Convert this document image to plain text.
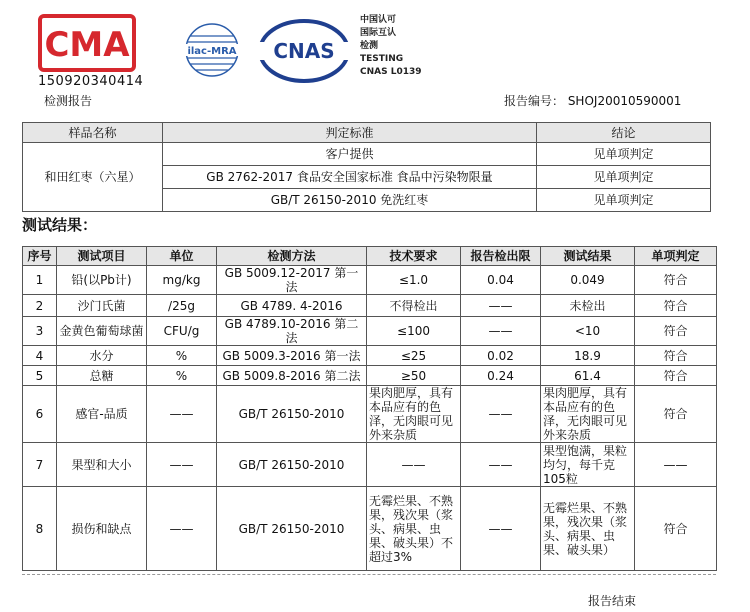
CMA
150920340414
检测报告
ilac-MRA CNAS
中国认可
国际互认
检测
TESTING
CNAS L0139
报告编号： SHOJ20010590001
样品名称	判定标准	结论
和田红枣（六星）	客户提供	见单项判定
	GB 2762-2017 食品安全国家标准 食品中污染物限量	见单项判定
	GB/T 26150-2010 免洗红枣	见单项判定
测试结果：
序号	测试项目	单位	检测方法	技术要求	报告检出限	测试结果	单项判定
1	铅(以Pb计)	mg/kg	GB 5009.12-2017 第一法	≤1.0	0.04	0.049	符合
2	沙门氏菌	/25g	GB 4789. 4-2016	不得检出	——	未检出	符合
3	金黄色葡萄球菌	CFU/g	GB 4789.10-2016 第二法	≤100	——	<10	符合
4	水分	%	GB 5009.3-2016 第一法	≤25	0.02	18.9	符合
5	总糖	%	GB 5009.8-2016 第二法	≥50	0.24	61.4	符合
6	感官-品质	——	GB/T 26150-2010	果肉肥厚，具有本品应有的色泽，无肉眼可见外来杂质	——	果肉肥厚，具有本品应有的色泽，无肉眼可见外来杂质	符合
7	果型和大小	——	GB/T 26150-2010	——	——	果型饱满，果粒均匀，每千克105粒	——
8	损伤和缺点	——	GB/T 26150-2010	无霉烂果、不熟果，残次果（浆头、病果、虫果、破头果）不超过3%	——	无霉烂果、不熟果，残次果（浆头、病果、虫果、破头果）	符合
报告结束
